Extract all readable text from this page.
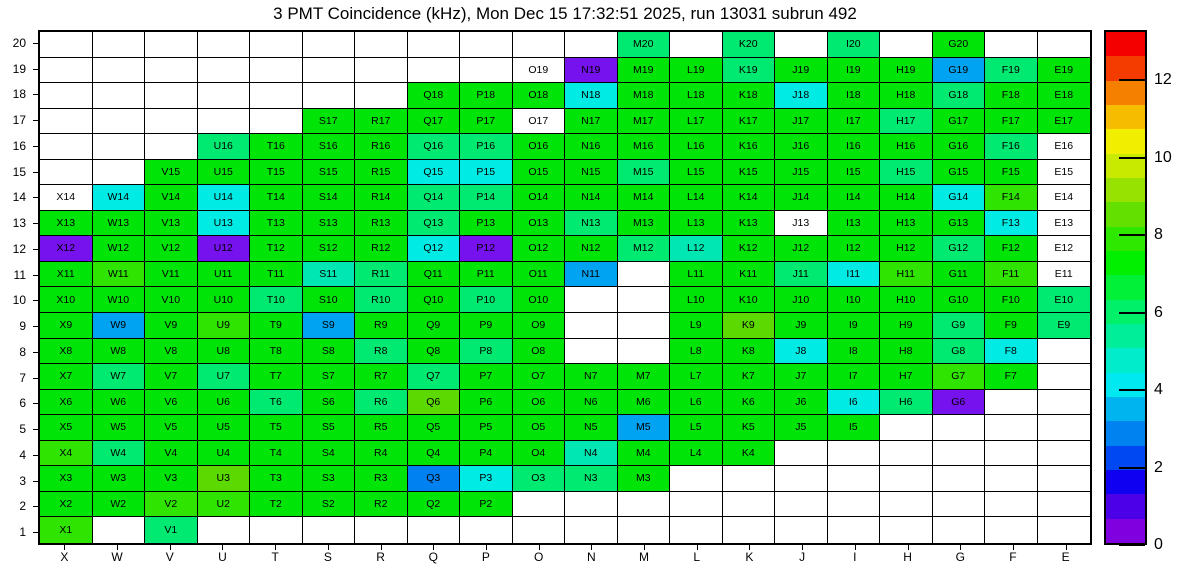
3 PMT Coincidence (kHz), Mon Dec 15 17:32:51 2025, run 13031 subrun 492
20
19
18
17
16
15
14
13
12
11
10
9
8
7
6
5
4
3
2
1
M20	K20	I20	G20
O19	N19	M19	L19	K19	J19	I19	H19	G19	F19	E19
Q18	P18	O18	N18	M18	L18	K18	J18	I18	H18	G18	F18	E18
S17	R17	Q17	P17	O17	N17	M17	L17	K17	J17	I17	H17	G17	F17	E17
U16	T16	S16	R16	Q16	P16	O16	N16	M16	L16	K16	J16	I16	H16	G16	F16	E16
V15	U15	T15	S15	R15	Q15	P15	O15	N15	M15	L15	K15	J15	I15	H15	G15	F15	E15
X14	W14	V14	U14	T14	S14	R14	Q14	P14	O14	N14	M14	L14	K14	J14	I14	H14	G14	F14	E14
X13	W13	V13	U13	T13	S13	R13	Q13	P13	O13	N13	M13	L13	K13	J13	I13	H13	G13	F13	E13
X12	W12	V12	U12	T12	S12	R12	Q12	P12	O12	N12	M12	L12	K12	J12	I12	H12	G12	F12	E12
X11	W11	V11	U11	T11	S11	R11	Q11	P11	O11	N11	L11	K11	J11	I11	H11	G11	F11	E11
X10	W10	V10	U10	T10	S10	R10	Q10	P10	O10	L10	K10	J10	I10	H10	G10	F10	E10
X9	W9	V9	U9	T9	S9	R9	Q9	P9	O9	L9	K9	J9	I9	H9	G9	F9	E9
X8	W8	V8	U8	T8	S8	R8	Q8	P8	O8	L8	K8	J8	I8	H8	G8	F8
X7	W7	V7	U7	T7	S7	R7	Q7	P7	O7	N7	M7	L7	K7	J7	I7	H7	G7	F7
X6	W6	V6	U6	T6	S6	R6	Q6	P6	O6	N6	M6	L6	K6	J6	I6	H6	G6
X5	W5	V5	U5	T5	S5	R5	Q5	P5	O5	N5	M5	L5	K5	J5	I5
X4	W4	V4	U4	T4	S4	R4	Q4	P4	O4	N4	M4	L4	K4
X3	W3	V3	U3	T3	S3	R3	Q3	P3	O3	N3	M3
X2	W2	V2	U2	T2	S2	R2	Q2	P2
X1	V1
X	W	V	U	T	S	R	Q	P	O	N	M	L	K	J	I	H	G	F	E
0
2
4
6
8
10
12
